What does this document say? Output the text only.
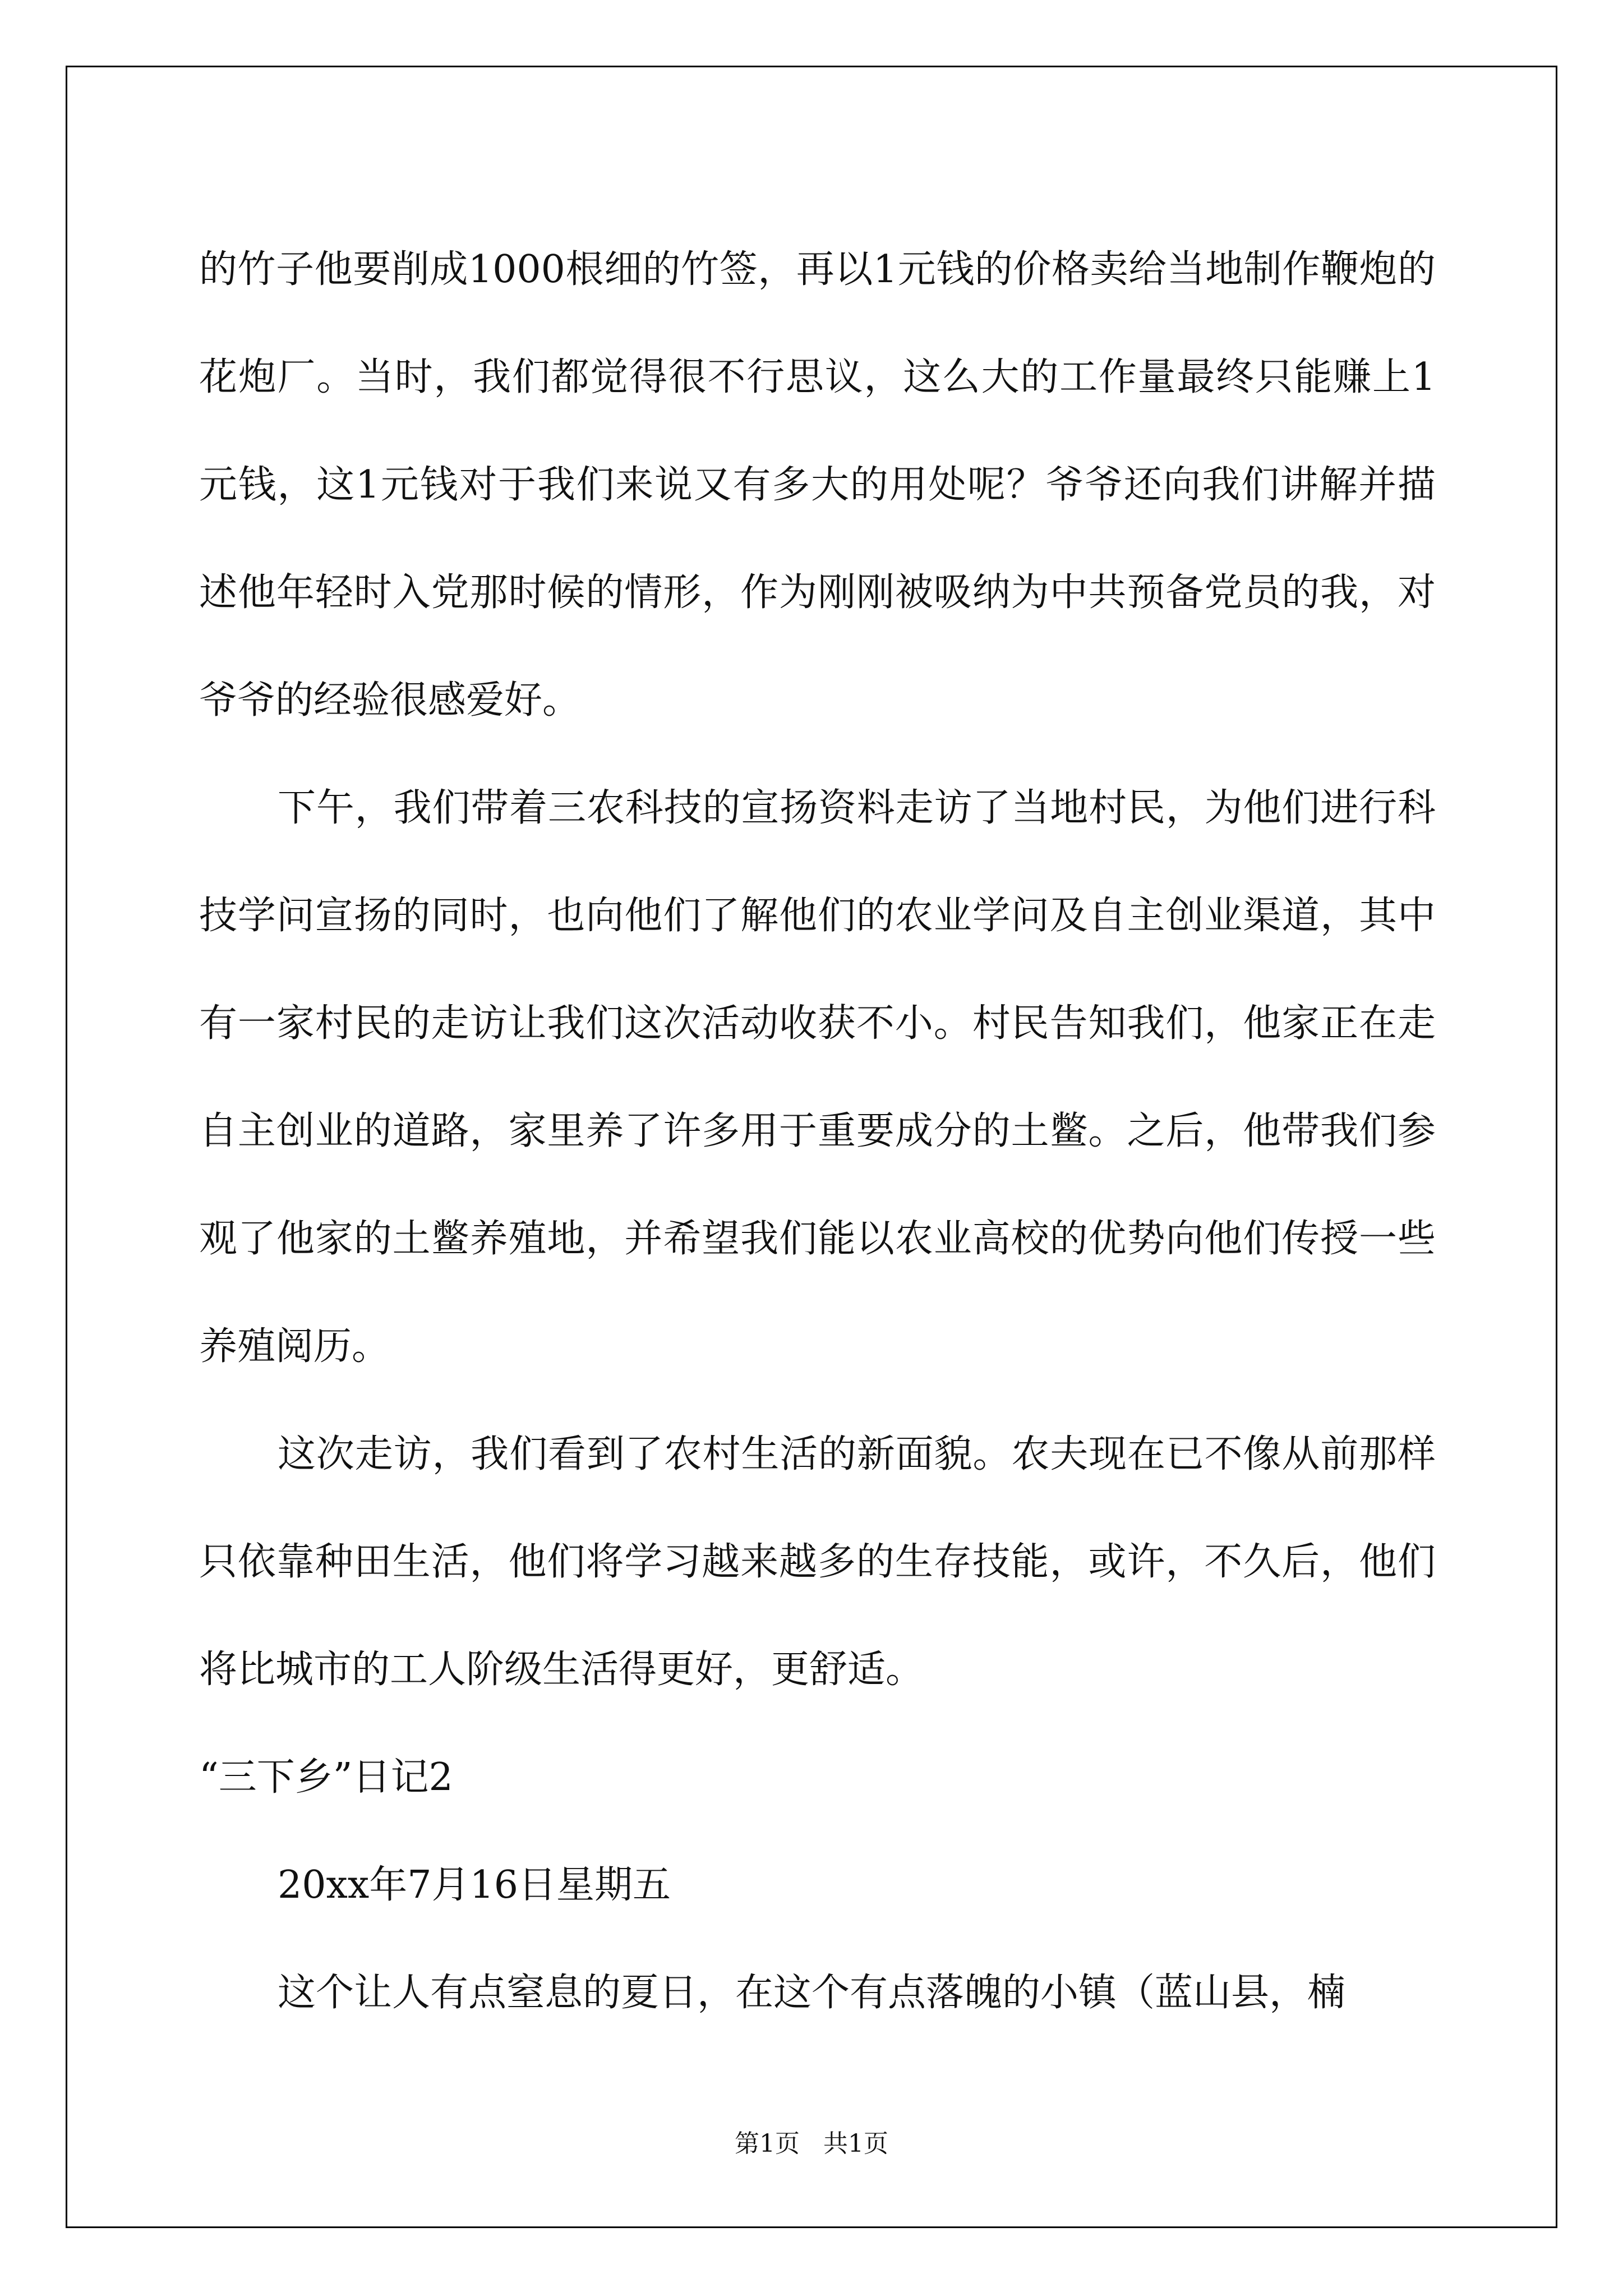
的竹子他要削成1000根细的竹签，再以1元钱的价格卖给当地制作鞭炮的花炮厂。当时，我们都觉得很不行思议，这么大的工作量最终只能赚上1元钱，这1元钱对于我们来说又有多大的用处呢？爷爷还向我们讲解并描述他年轻时入党那时候的情形，作为刚刚被吸纳为中共预备党员的我，对爷爷的经验很感爱好。

下午，我们带着三农科技的宣扬资料走访了当地村民，为他们进行科技学问宣扬的同时，也向他们了解他们的农业学问及自主创业渠道，其中有一家村民的走访让我们这次活动收获不小。村民告知我们，他家正在走自主创业的道路，家里养了许多用于重要成分的土鳖。之后，他带我们参观了他家的土鳖养殖地，并希望我们能以农业高校的优势向他们传授一些养殖阅历。

这次走访，我们看到了农村生活的新面貌。农夫现在已不像从前那样只依靠种田生活，他们将学习越来越多的生存技能，或许，不久后，他们将比城市的工人阶级生活得更好，更舒适。

“三下乡”日记2

20xx年7月16日星期五

这个让人有点窒息的夏日，在这个有点落魄的小镇（蓝山县，楠

第1页   共1页
